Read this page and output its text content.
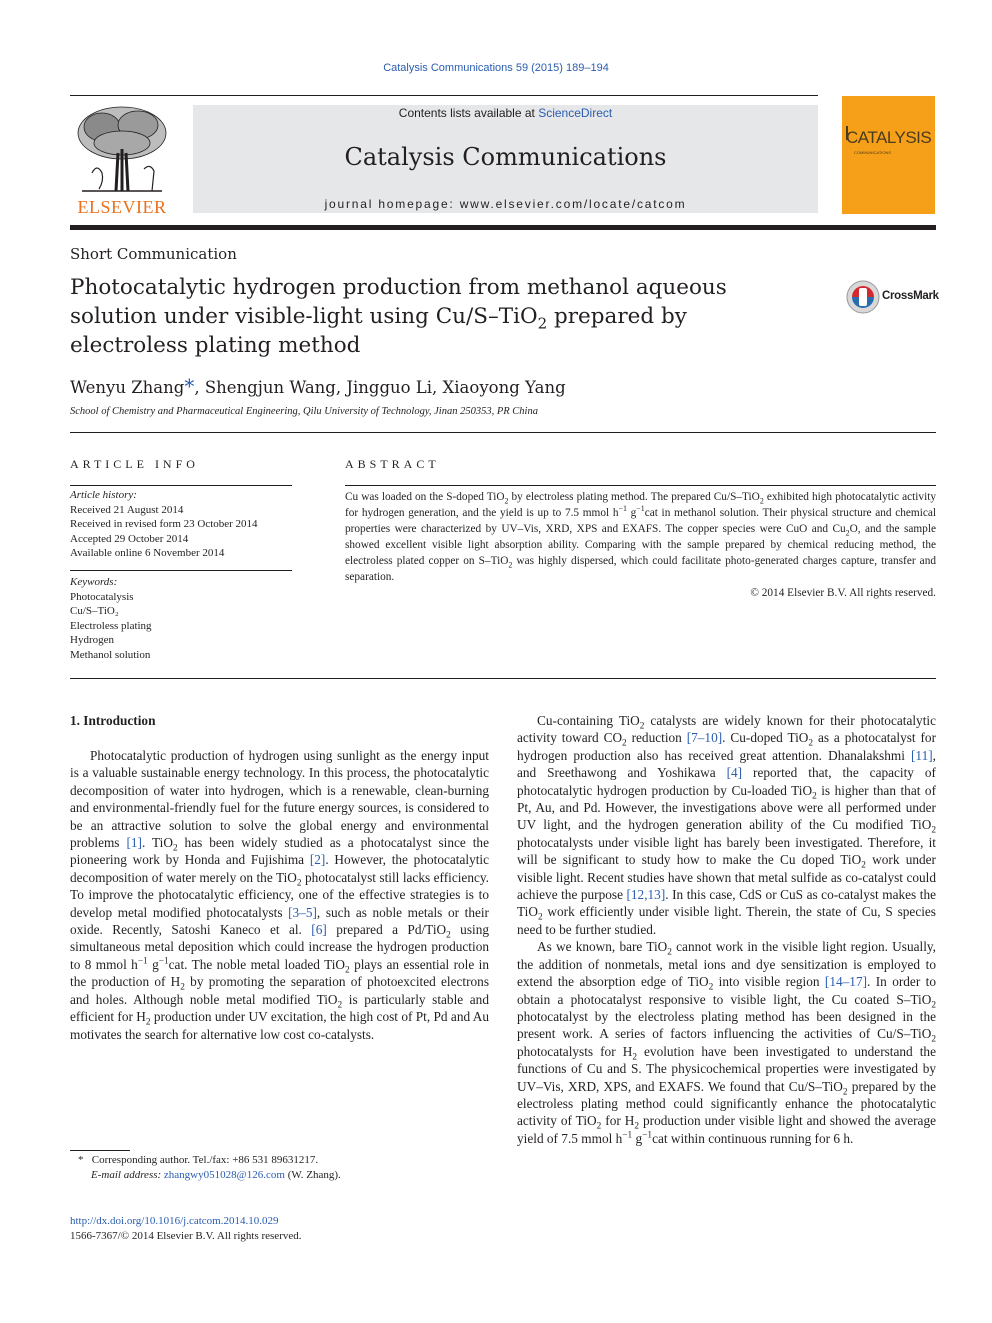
Catalysis Communications 59 (2015) 189–194
ELSEVIER
Contents lists available at ScienceDirect
Catalysis Communications
journal homepage: www.elsevier.com/locate/catcom
CATALYSIS
COMMUNICATIONS
Short Communication
Photocatalytic hydrogen production from methanol aqueous solution under visible-light using Cu/S–TiO$_2$ prepared by electroless plating method
CrossMark
Wenyu Zhang*, Shengjun Wang, Jingguo Li, Xiaoyong Yang
School of Chemistry and Pharmaceutical Engineering, Qilu University of Technology, Jinan 250353, PR China
ARTICLE INFO
Article history:
Received 21 August 2014
Received in revised form 23 October 2014
Accepted 29 October 2014
Available online 6 November 2014
Keywords:
Photocatalysis
Cu/S–TiO₂
Electroless plating
Hydrogen
Methanol solution
ABSTRACT
Cu was loaded on the S-doped TiO$_2$ by electroless plating method. The prepared Cu/S–TiO$_2$ exhibited high photocatalytic activity for hydrogen generation, and the yield is up to 7.5 mmol $h^{-1}$ $g^{-1}cat$ in methanol solution. Their physical structure and chemical properties were characterized by UV–Vis, XRD, XPS and EXAFS. The copper species were CuO and $Cu_2O$, and the sample showed excellent visible light absorption ability. Comparing with the sample prepared by chemical reducing method, the electroless plated copper on S–TiO$_2$ was highly dispersed, which could facilitate photo-generated charges capture, transfer and separation.
© 2014 Elsevier B.V. All rights reserved.
1. Introduction

Photocatalytic production of hydrogen using sunlight as the energy input is a valuable sustainable energy technology. In this process, the photocatalytic decomposition of water into hydrogen, which is a renewable, clean-burning and environmental-friendly fuel for the future energy sources, is considered to be an attractive solution to solve the global energy and environmental problems [1]. TiO$_2$ has been widely studied as a photocatalyst since the pioneering work by Honda and Fujishima [2]. However, the photocatalytic decomposition of water merely on the TiO$_2$ photocatalyst still lacks efficiency. To improve the photocatalytic efficiency, one of the effective strategies is to develop metal modified photocatalysts [3–5], such as noble metals or their oxide. Recently, Satoshi Kaneco et al. [6] prepared a Pd/TiO$_2$ using simultaneous metal deposition which could increase the hydrogen production to 8 mmol $h^{-1}$ $g^{-1}cat$. The noble metal loaded TiO$_2$ plays an essential role in the production of $H_2$ by promoting the separation of photoexcited electrons and holes. Although noble metal modified TiO$_2$ is particularly stable and efficient for $H_2$ production under UV excitation, the high cost of Pt, Pd and Au motivates the search for alternative low cost co-catalysts.

Cu-containing TiO$_2$ catalysts are widely known for their photocatalytic activity toward $CO_2$ reduction [7–10]. Cu-doped TiO$_2$ as a photocatalyst for hydrogen production also has received great attention. Dhanalakshmi [11], and Sreethawong and Yoshikawa [4] reported that, the capacity of photocatalytic hydrogen production by Cu-loaded TiO$_2$ is higher than that of Pt, Au, and Pd. However, the investigations above were all performed under UV light, and the hydrogen generation ability of the Cu modified TiO$_2$ photocatalysts under visible light has barely been investigated. Therefore, it will be significant to study how to make the Cu doped TiO$_2$ work under visible light. Recent studies have shown that metal sulfide as co-catalyst could achieve the purpose [12,13]. In this case, CdS or CuS as co-catalyst makes the TiO$_2$ work efficiently under visible light. Therein, the state of Cu, S species need to be further studied.

As we known, bare TiO$_2$ cannot work in the visible light region. Usually, the addition of nonmetals, metal ions and dye sensitization is employed to extend the absorption edge of TiO$_2$ into visible region [14–17]. In order to obtain a photocatalyst responsive to visible light, the Cu coated S–TiO$_2$ photocatalyst by the electroless plating method has been designed in the present work. A series of factors influencing the activities of Cu/S–TiO$_2$ photocatalysts for $H_2$ evolution have been investigated to understand the functions of Cu and S. The physicochemical properties were investigated by UV–Vis, XRD, XPS, and EXAFS. We found that Cu/S–TiO$_2$ prepared by the electroless plating method could significantly enhance the photocatalytic activity of TiO$_2$ for $H_2$ production under visible light and showed the average yield of 7.5 mmol $h^{-1}$ $g^{-1}cat$ within continuous running for 6 h.

* Corresponding author. Tel./fax: +86 531 89631217.
E-mail address: zhangwy051028@126.com (W. Zhang).
http://dx.doi.org/10.1016/j.catcom.2014.10.029
1566-7367/© 2014 Elsevier B.V. All rights reserved.
